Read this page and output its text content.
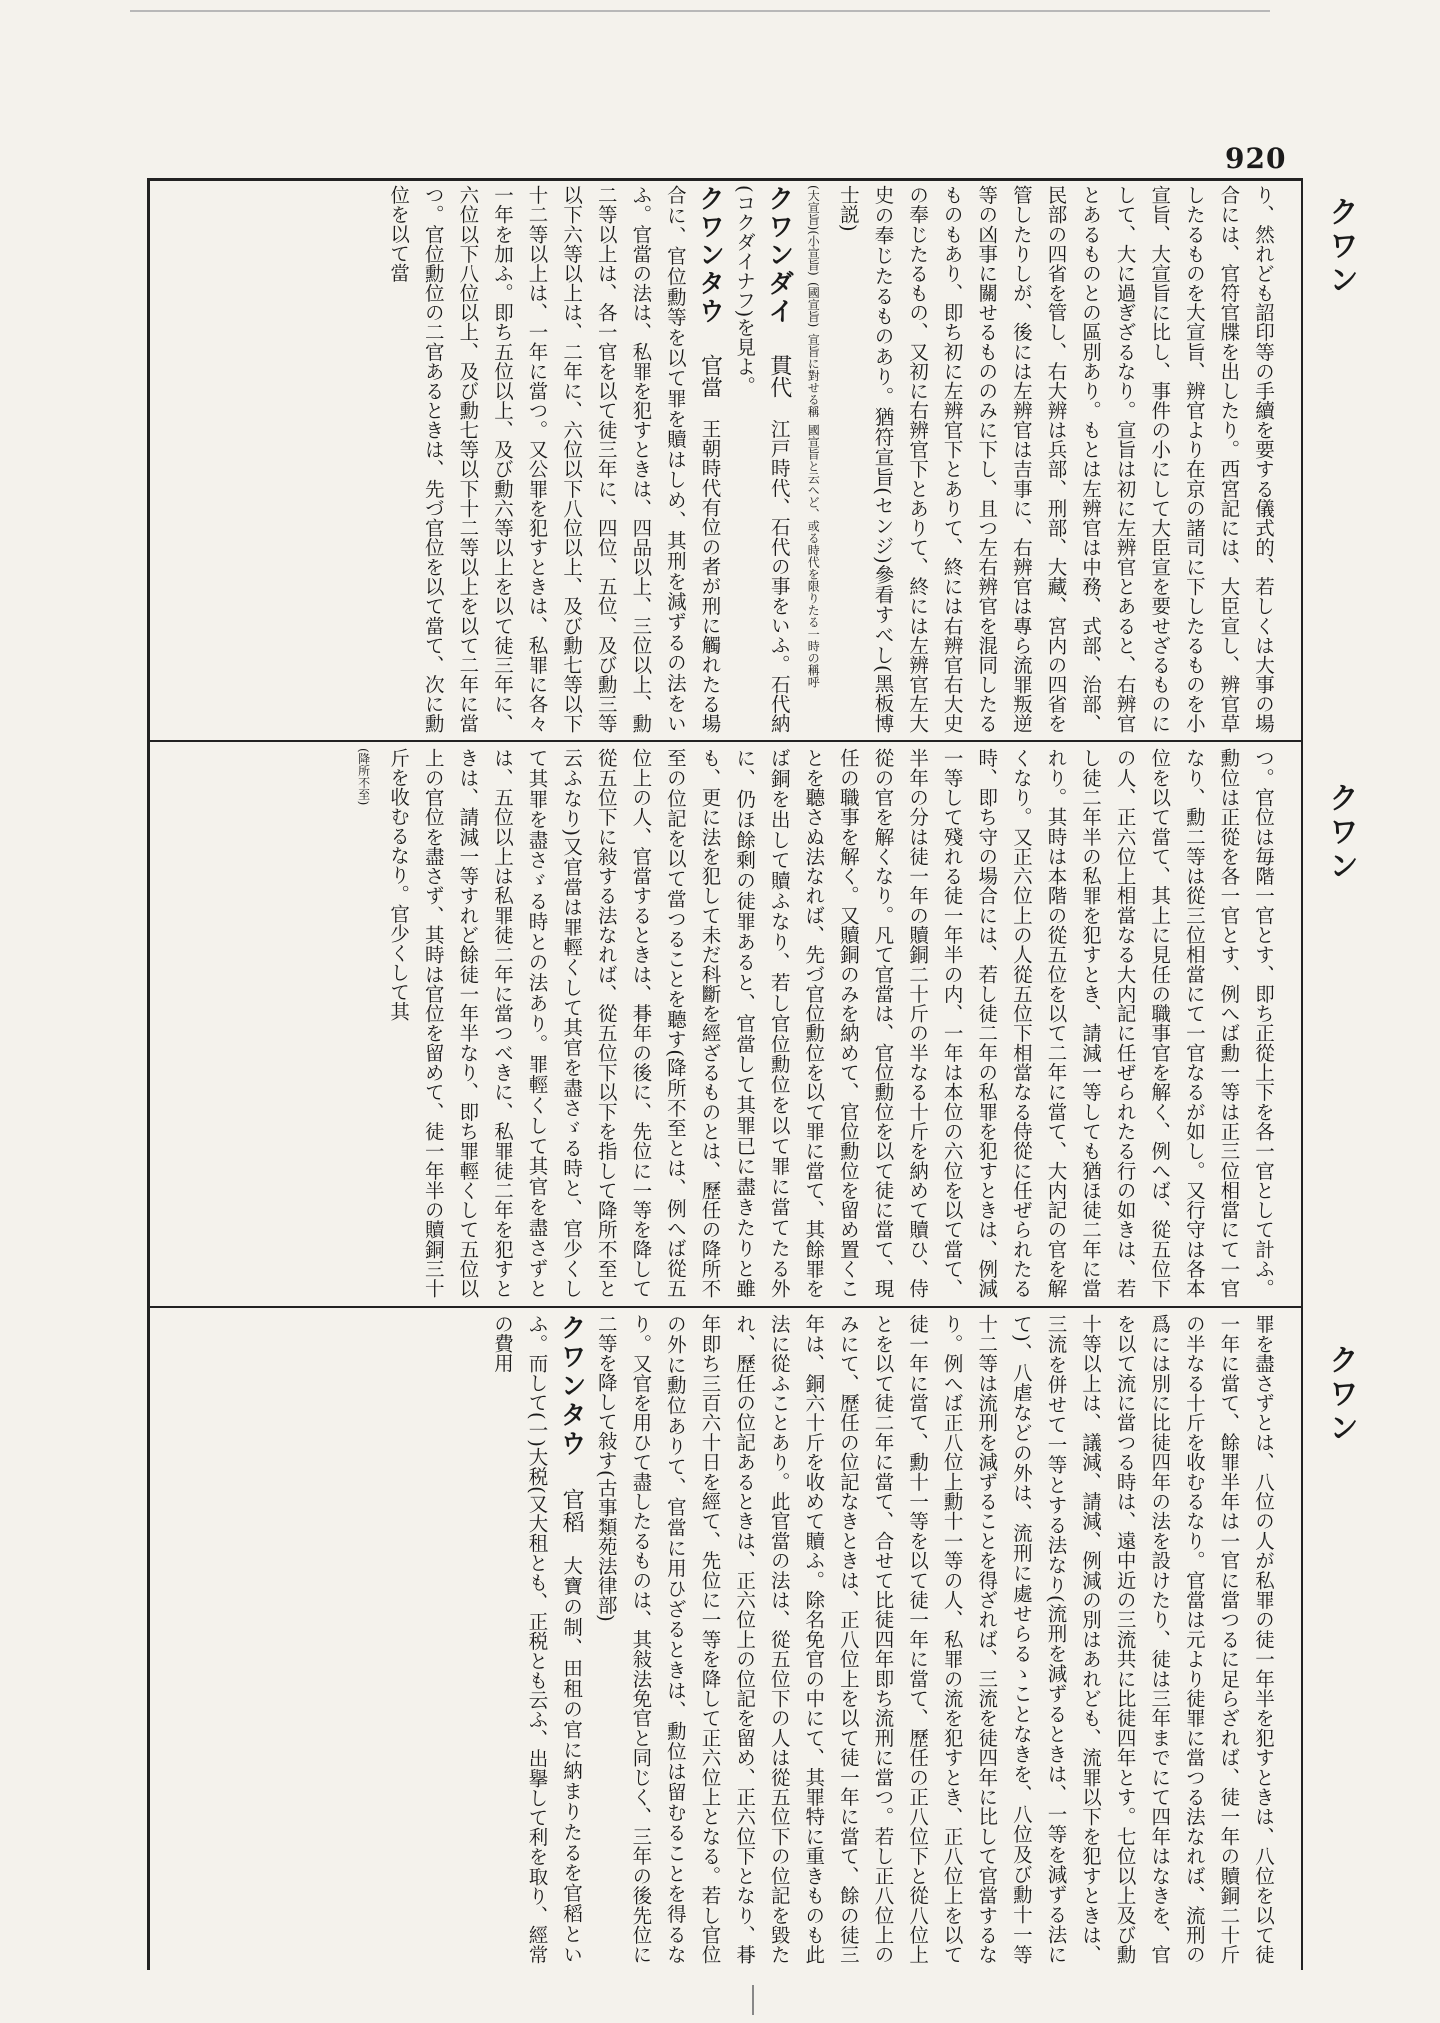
920
クワン
クワン
クワン

り、然れども詔印等の手續を要する儀式的、若しくは大事の場合には、官符官牒を出したり。西宮記には、大臣宣し、辨官草したるものを大宣旨、辨官より在京の諸司に下したるものを小宣旨、大宣旨に比し、事件の小にして大臣宣を要せざるものにして、大に過ぎざるなり。宣旨は初に左辨官とあると、右辨官とあるものとの區別あり。もとは左辨官は中務、式部、治部、民部の四省を管し、右大辨は兵部、刑部、大藏、宮内の四省を管したりしが、後には左辨官は吉事に、右辨官は專ら流罪叛逆等の凶事に關せるもののみに下し、且つ左右辨官を混同したるものもあり、即ち初に左辨官下とありて、終には右辨官右大史の奉じたるもの、又初に右辨官下とありて、終には左辨官左大史の奉じたるものあり。猶符宣旨(センジ)參看すべし(黑板博士説)

(大宣旨)(小宣旨) (國宣旨) 宣旨に對せる稱 國宣旨と云へど、或る時代を限りたる一時の稱呼

クワンダイ 貫代 江戸時代、石代の事をいふ。石代納(コクダイナフ)を見よ。

クワンタウ 官當 王朝時代有位の者が刑に觸れたる場合に、官位勳等を以て罪を贖はしめ、其刑を減ずるの法をいふ。官當の法は、私罪を犯すときは、四品以上、三位以上、勳二等以上は、各一官を以て徒三年に、四位、五位、及び勳三等以下六等以上は、二年に、六位以下八位以上、及び勳七等以下十二等以上は、一年に當つ。又公罪を犯すときは、私罪に各々一年を加ふ。即ち五位以上、及び勳六等以上を以て徒三年に、六位以下八位以上、及び勳七等以下十二等以上を以て二年に當つ。官位勳位の二官あるときは、先づ官位を以て當て、次に勳位を以て當

つ。官位は毎階一官とす、即ち正從上下を各一官として計ふ。勳位は正從を各一官とす、例へば勳一等は正三位相當にて一官なり、勳二等は從三位相當にて一官なるが如し。又行守は各本位を以て當て、其上に見任の職事官を解く、例へば、從五位下の人、正六位上相當なる大内記に任ぜられたる行の如きは、若し徒二年半の私罪を犯すとき、請減一等しても猶ほ徒二年に當れり。其時は本階の從五位を以て二年に當て、大内記の官を解くなり。又正六位上の人從五位下相當なる侍從に任ぜられたる時、即ち守の場合には、若し徒二年の私罪を犯すときは、例減一等して殘れる徒一年半の内、一年は本位の六位を以て當て、半年の分は徒一年の贖銅二十斤の半なる十斤を納めて贖ひ、侍從の官を解くなり。凡て官當は、官位勳位を以て徒に當て、現任の職事を解く。又贖銅のみを納めて、官位勳位を留め置くことを聽さぬ法なれば、先づ官位勳位を以て罪に當て、其餘罪をば銅を出して贖ふなり、若し官位勳位を以て罪に當てたる外に、仍ほ餘剩の徒罪あると、官當して其罪已に盡きたりと雖も、更に法を犯して未だ科斷を經ざるものとは、歷任の降所不至の位記を以て當つることを聽す(降所不至とは、例へば從五位上の人、官當するときは、朞年の後に、先位に一等を降して從五位下に敍する法なれば、從五位下以下を指して降所不至と云ふなり)又官當は罪輕くして其官を盡さゞる時と、官少くして其罪を盡さゞる時との法あり。罪輕くして其官を盡さずとは、五位以上は私罪徒二年に當つべきに、私罪徒二年を犯すときは、請減一等すれど餘徒一年半なり、即ち罪輕くして五位以上の官位を盡さず、其時は官位を留めて、徒一年半の贖銅三十斤を收むるなり。官少くして其

(降所不至)

罪を盡さずとは、八位の人が私罪の徒一年半を犯すときは、八位を以て徒一年に當て、餘罪半年は一官に當つるに足らざれば、徒一年の贖銅二十斤の半なる十斤を收むるなり。官當は元より徒罪に當つる法なれば、流刑の爲には別に比徒四年の法を設けたり、徒は三年までにて四年はなきを、官を以て流に當つる時は、遠中近の三流共に比徒四年とす。七位以上及び勳十等以上は、議減、請減、例減の別はあれども、流罪以下を犯すときは、三流を併せて一等とする法なり(流刑を減ずるときは、一等を減ずる法にて)、八虐などの外は、流刑に處せらるゝことなきを、八位及び勳十一等十二等は流刑を減ずることを得ざれば、三流を徒四年に比して官當するなり。例へば正八位上勳十一等の人、私罪の流を犯すとき、正八位上を以て徒一年に當て、勳十一等を以て徒一年に當て、歷任の正八位下と從八位上とを以て徒二年に當て、合せて比徒四年即ち流刑に當つ。若し正八位上のみにて、歷任の位記なきときは、正八位上を以て徒一年に當て、餘の徒三年は、銅六十斤を收めて贖ふ。除名免官の中にて、其罪特に重きものも此法に從ふことあり。此官當の法は、從五位下の人は從五位下の位記を毀たれ、歷任の位記あるときは、正六位上の位記を留め、正六位下となり、朞年即ち三百六十日を經て、先位に一等を降して正六位上となる。若し官位の外に勳位ありて、官當に用ひざるときは、勳位は留むることを得るなり。又官を用ひて盡したるものは、其敍法免官と同じく、三年の後先位に二等を降して敍す(古事類苑法律部)

クワンタウ 官稻 大寶の制、田租の官に納まりたるを官稻といふ。而して(一)大税(又大租とも、正税とも云ふ、出擧して利を取り、經常の費用
